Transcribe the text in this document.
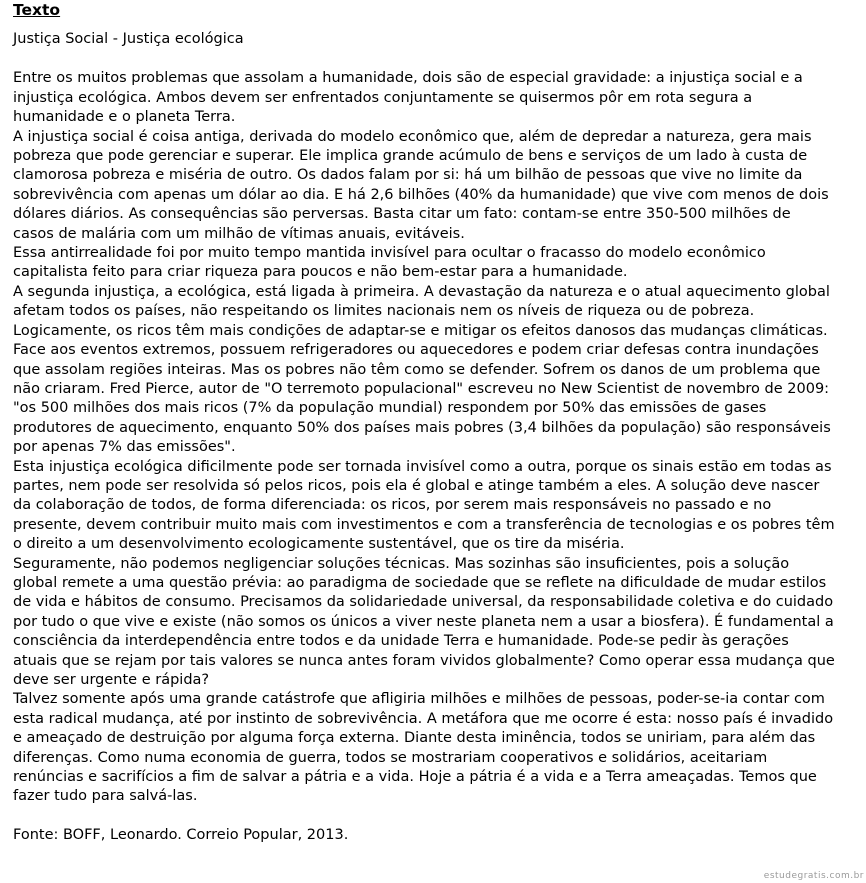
Texto
Justiça Social - Justiça ecológica
Entre os muitos problemas que assolam a humanidade, dois são de especial gravidade: a injustiça social e a injustiça ecológica. Ambos devem ser enfrentados conjuntamente se quisermos pôr em rota segura a humanidade e o planeta Terra.
A injustiça social é coisa antiga, derivada do modelo econômico que, além de depredar a natureza, gera mais pobreza que pode gerenciar e superar. Ele implica grande acúmulo de bens e serviços de um lado à custa de clamorosa pobreza e miséria de outro. Os dados falam por si: há um bilhão de pessoas que vive no limite da sobrevivência com apenas um dólar ao dia. E há 2,6 bilhões (40% da humanidade) que vive com menos de dois dólares diários. As consequências são perversas. Basta citar um fato: contam-se entre 350-500 milhões de casos de malária com um milhão de vítimas anuais, evitáveis.
Essa antirrealidade foi por muito tempo mantida invisível para ocultar o fracasso do modelo econômico capitalista feito para criar riqueza para poucos e não bem-estar para a humanidade.
A segunda injustiça, a ecológica, está ligada à primeira. A devastação da natureza e o atual aquecimento global afetam todos os países, não respeitando os limites nacionais nem os níveis de riqueza ou de pobreza. Logicamente, os ricos têm mais condições de adaptar-se e mitigar os efeitos danosos das mudanças climáticas. Face aos eventos extremos, possuem refrigeradores ou aquecedores e podem criar defesas contra inundações que assolam regiões inteiras. Mas os pobres não têm como se defender. Sofrem os danos de um problema que não criaram. Fred Pierce, autor de "O terremoto populacional" escreveu no New Scientist de novembro de 2009: "os 500 milhões dos mais ricos (7% da população mundial) respondem por 50% das emissões de gases produtores de aquecimento, enquanto 50% dos países mais pobres (3,4 bilhões da população) são responsáveis por apenas 7% das emissões".
Esta injustiça ecológica dificilmente pode ser tornada invisível como a outra, porque os sinais estão em todas as partes, nem pode ser resolvida só pelos ricos, pois ela é global e atinge também a eles. A solução deve nascer da colaboração de todos, de forma diferenciada: os ricos, por serem mais responsáveis no passado e no presente, devem contribuir muito mais com investimentos e com a transferência de tecnologias e os pobres têm o direito a um desenvolvimento ecologicamente sustentável, que os tire da miséria.
Seguramente, não podemos negligenciar soluções técnicas. Mas sozinhas são insuficientes, pois a solução global remete a uma questão prévia: ao paradigma de sociedade que se reflete na dificuldade de mudar estilos de vida e hábitos de consumo. Precisamos da solidariedade universal, da responsabilidade coletiva e do cuidado por tudo o que vive e existe (não somos os únicos a viver neste planeta nem a usar a biosfera). É fundamental a consciência da interdependência entre todos e da unidade Terra e humanidade. Pode-se pedir às gerações atuais que se rejam por tais valores se nunca antes foram vividos globalmente? Como operar essa mudança que deve ser urgente e rápida?
Talvez somente após uma grande catástrofe que afligiria milhões e milhões de pessoas, poder-se-ia contar com esta radical mudança, até por instinto de sobrevivência. A metáfora que me ocorre é esta: nosso país é invadido e ameaçado de destruição por alguma força externa. Diante desta iminência, todos se uniriam, para além das diferenças. Como numa economia de guerra, todos se mostrariam cooperativos e solidários, aceitariam renúncias e sacrifícios a fim de salvar a pátria e a vida. Hoje a pátria é a vida e a Terra ameaçadas. Temos que fazer tudo para salvá-las.
Fonte: BOFF, Leonardo. Correio Popular, 2013.
estudegratis.com.br
